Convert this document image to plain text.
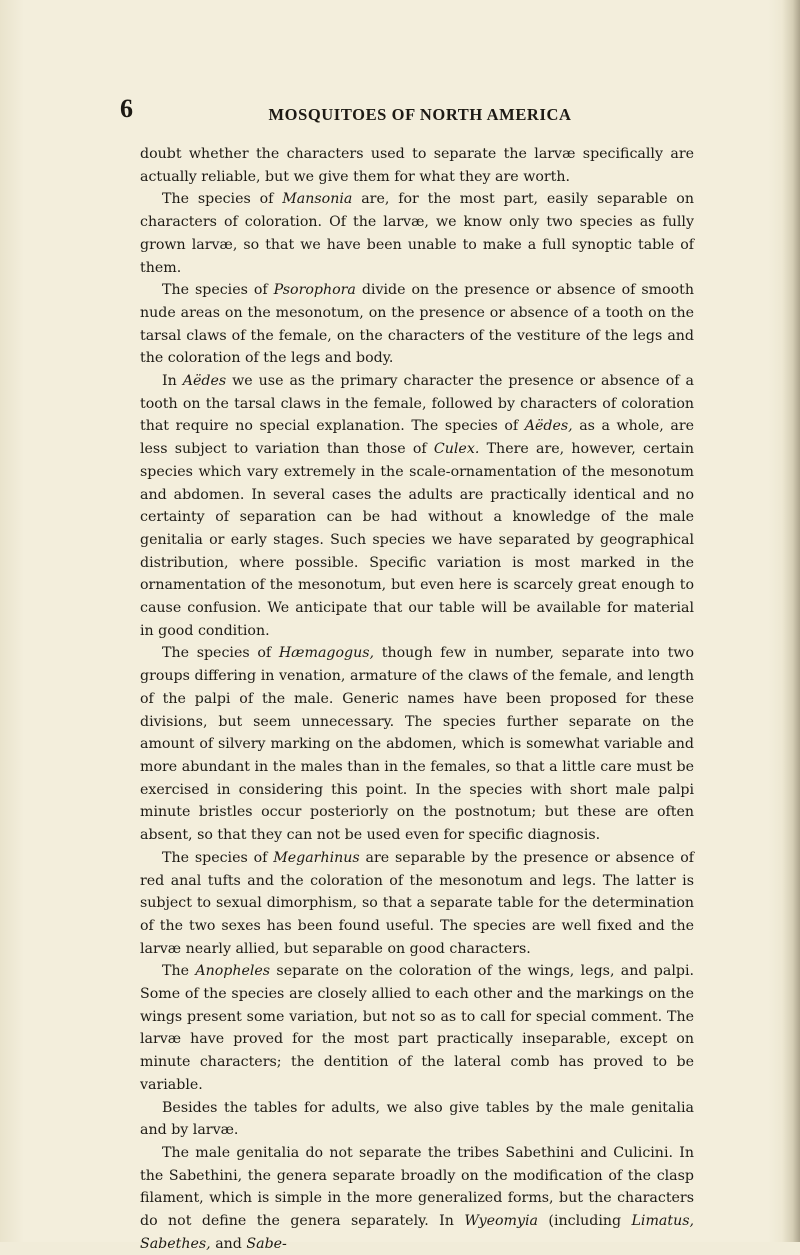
6	MOSQUITOES OF NORTH AMERICA

doubt whether the characters used to separate the larvæ specifically are actually reliable, but we give them for what they are worth.

The species of Mansonia are, for the most part, easily separable on characters of coloration. Of the larvæ, we know only two species as fully grown larvæ, so that we have been unable to make a full synoptic table of them.

The species of Psorophora divide on the presence or absence of smooth nude areas on the mesonotum, on the presence or absence of a tooth on the tarsal claws of the female, on the characters of the vestiture of the legs and the coloration of the legs and body.

In Aëdes we use as the primary character the presence or absence of a tooth on the tarsal claws in the female, followed by characters of coloration that require no special explanation. The species of Aëdes, as a whole, are less subject to variation than those of Culex. There are, however, certain species which vary extremely in the scale-ornamentation of the mesonotum and abdomen. In several cases the adults are practically identical and no certainty of separation can be had without a knowledge of the male genitalia or early stages. Such species we have separated by geographical distribution, where possible. Specific variation is most marked in the ornamentation of the mesonotum, but even here is scarcely great enough to cause confusion. We anticipate that our table will be available for material in good condition.

The species of Hæmagogus, though few in number, separate into two groups differing in venation, armature of the claws of the female, and length of the palpi of the male. Generic names have been proposed for these divisions, but seem unnecessary. The species further separate on the amount of silvery marking on the abdomen, which is somewhat variable and more abundant in the males than in the females, so that a little care must be exercised in considering this point. In the species with short male palpi minute bristles occur posteriorly on the postnotum; but these are often absent, so that they can not be used even for specific diagnosis.

The species of Megarhinus are separable by the presence or absence of red anal tufts and the coloration of the mesonotum and legs. The latter is subject to sexual dimorphism, so that a separate table for the determination of the two sexes has been found useful. The species are well fixed and the larvæ nearly allied, but separable on good characters.

The Anopheles separate on the coloration of the wings, legs, and palpi. Some of the species are closely allied to each other and the markings on the wings present some variation, but not so as to call for special comment. The larvæ have proved for the most part practically inseparable, except on minute characters; the dentition of the lateral comb has proved to be variable.

Besides the tables for adults, we also give tables by the male genitalia and by larvæ.

The male genitalia do not separate the tribes Sabethini and Culicini. In the Sabethini, the genera separate broadly on the modification of the clasp filament, which is simple in the more generalized forms, but the characters do not define the genera separately. In Wyeomyia (including Limatus, Sabethes, and Sabe-
